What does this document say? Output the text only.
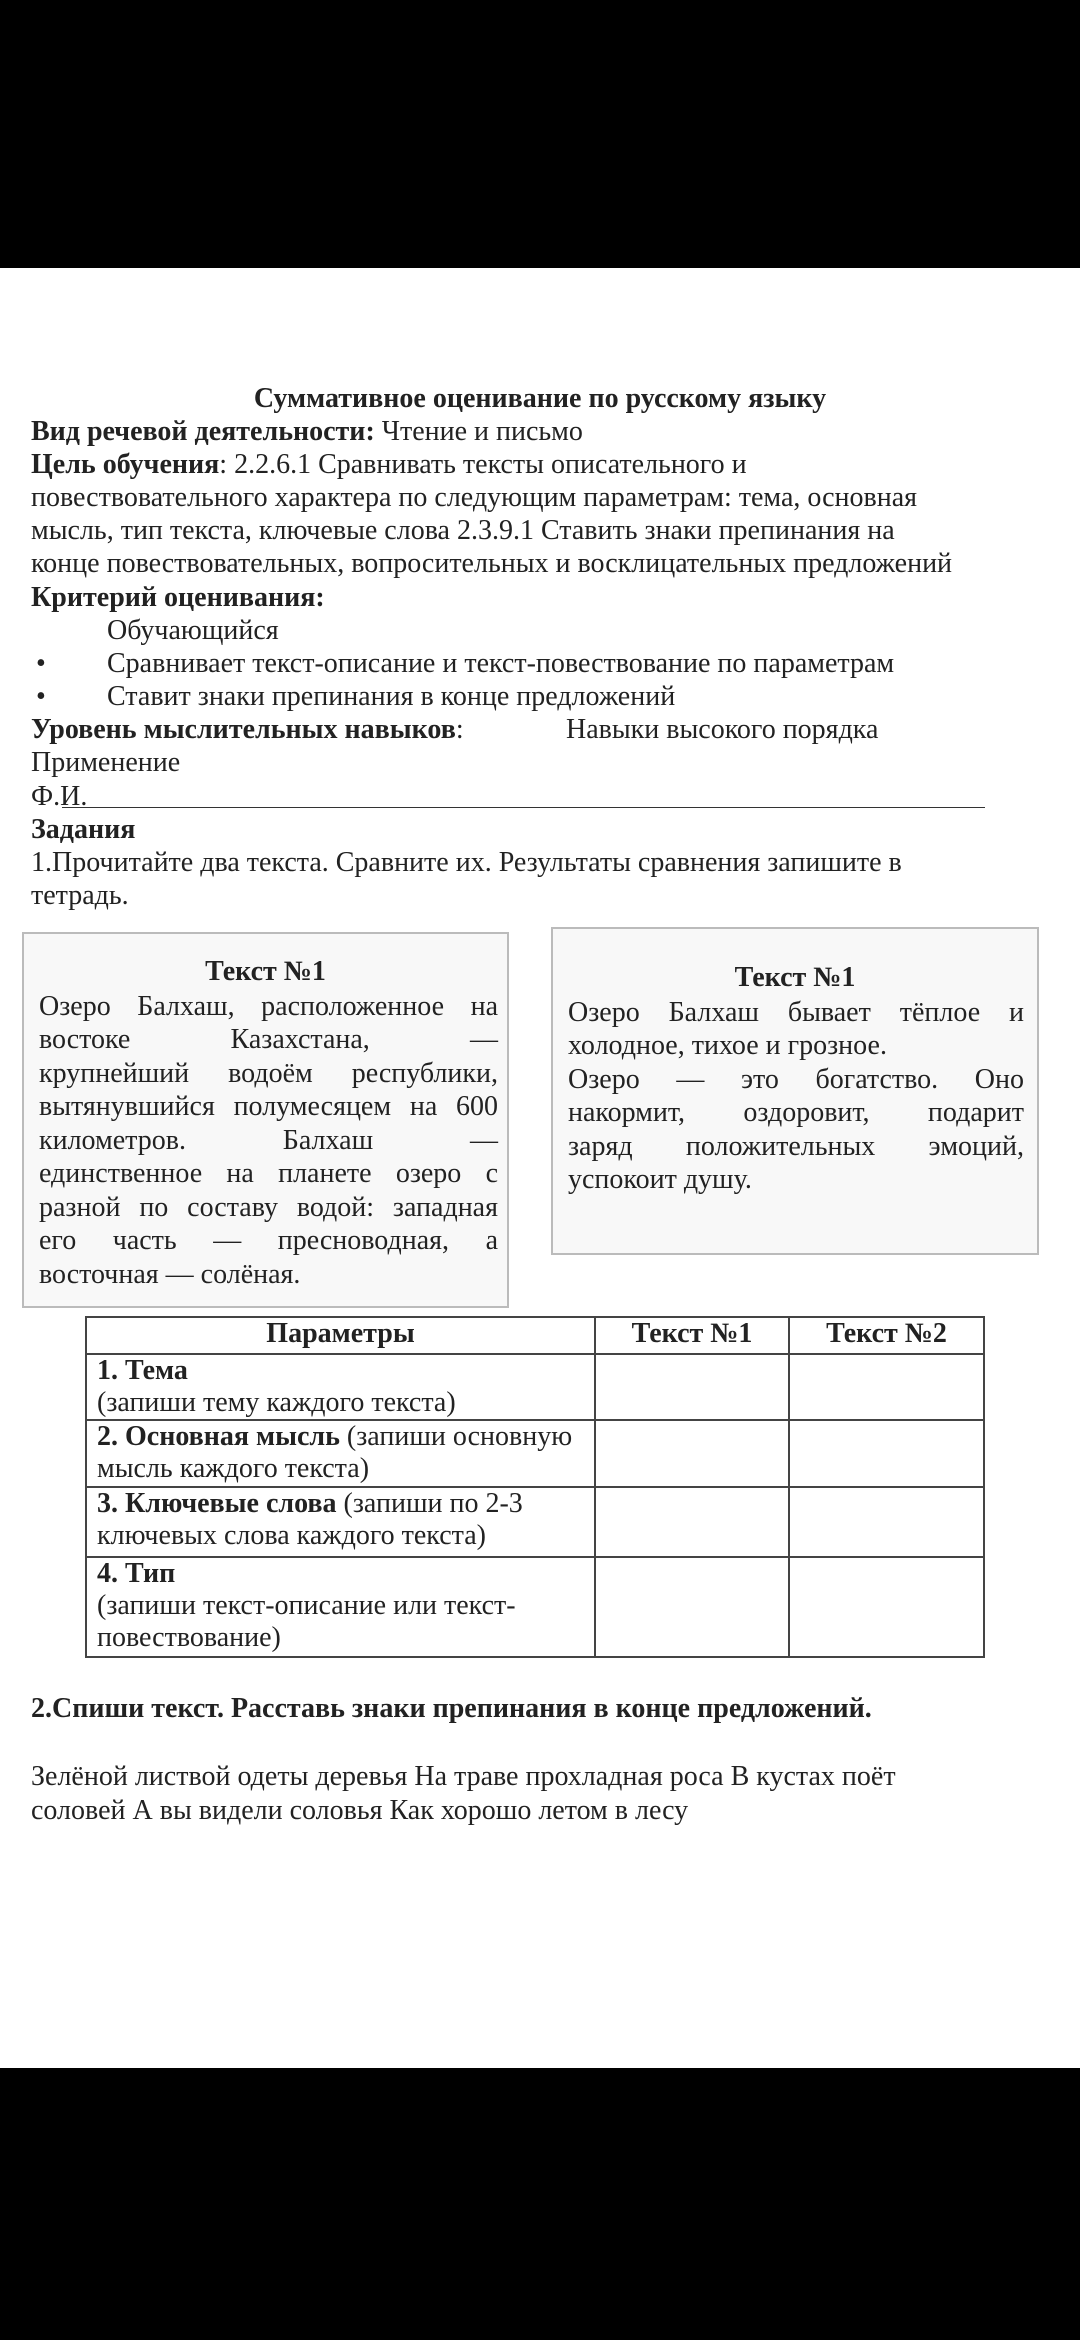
Суммативное оценивание по русскому языку
Вид речевой деятельности: Чтение и письмо
Цель обучения: 2.2.6.1 Сравнивать тексты описательного и
повествовательного характера по следующим параметрам: тема, основная
мысль, тип текста, ключевые слова 2.3.9.1 Ставить знаки препинания на
конце повествовательных, вопросительных и восклицательных предложений
Критерий оценивания:
Обучающийся
• Сравнивает текст-описание и текст-повествование по параметрам
• Ставит знаки препинания в конце предложений
Уровень мыслительных навыков:	Навыки высокого порядка
Применение
Ф.И.
Задания
1.Прочитайте два текста. Сравните их. Результаты сравнения запишите в
тетрадь.
Текст №1
Озеро Балхаш, расположенное на
востоке Казахстана, —
крупнейший водоём республики,
вытянувшийся полумесяцем на 600
километров. Балхаш —
единственное на планете озеро с
разной по составу водой: западная
его часть — пресноводная, а
восточная — солёная.
Текст №1
Озеро Балхаш бывает тёплое и
холодное, тихое и грозное.
Озеро — это богатство. Оно
накормит, оздоровит, подарит
заряд положительных эмоций,
успокоит душу.
Параметры	Текст №1	Текст №2
1. Тема
(запиши тему каждого текста)		
2. Основная мысль (запиши основную мысль каждого текста)		
3. Ключевые слова (запиши по 2-3 ключевых слова каждого текста)		
4. Тип
(запиши текст-описание или текст-повествование)		
2.Спиши текст. Расставь знаки препинания в конце предложений.
Зелёной листвой одеты деревья На траве прохладная роса В кустах поёт
соловей А вы видели соловья Как хорошо летом в лесу
